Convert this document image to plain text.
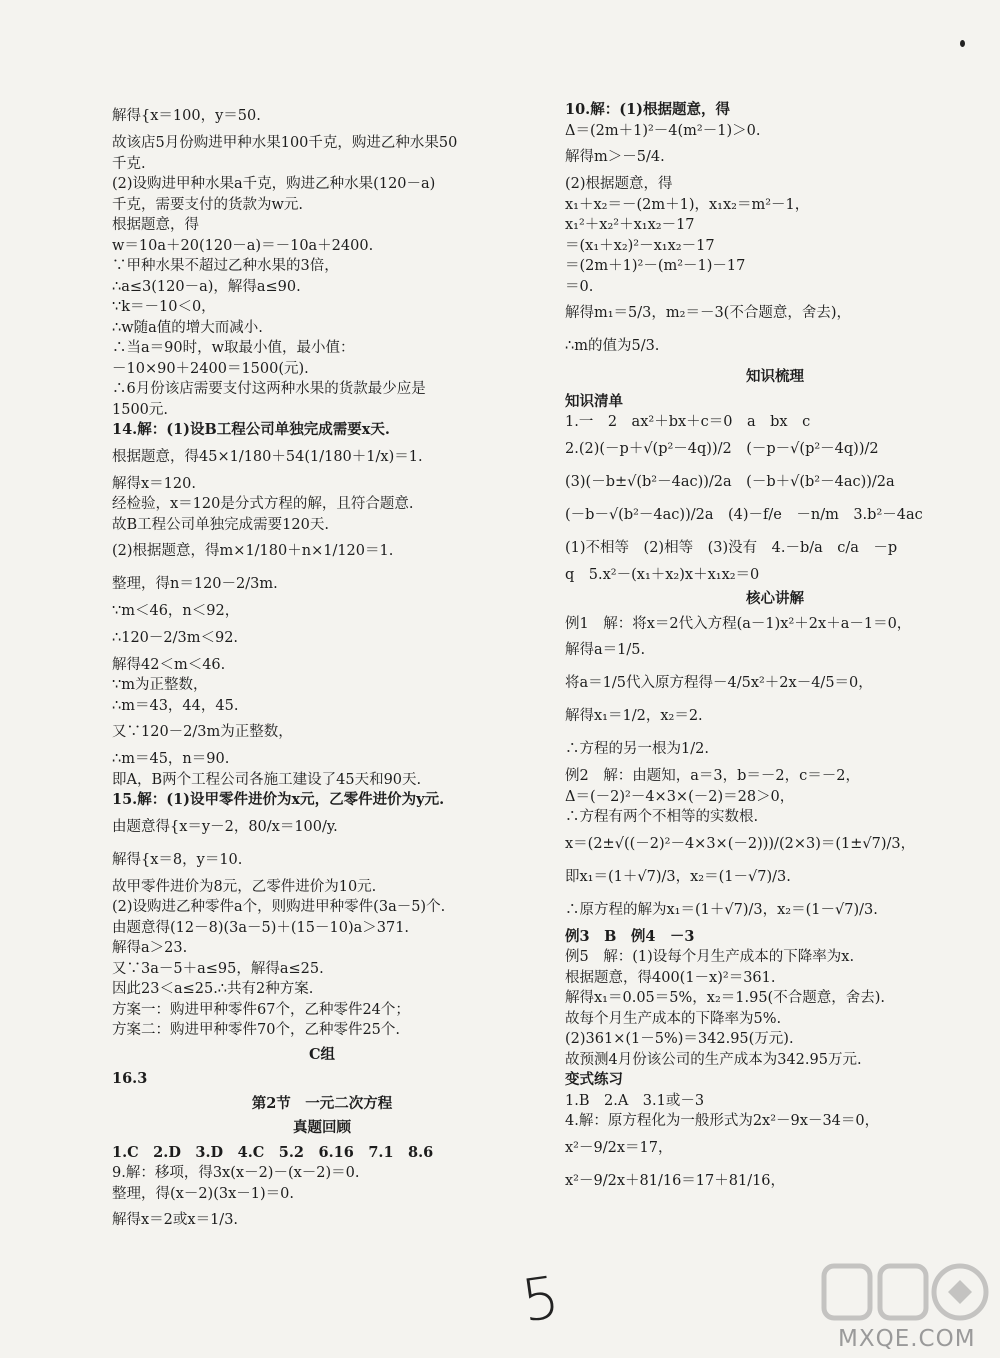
解得{x＝100，y＝50.
故该店5月份购进甲种水果100千克，购进乙种水果50
千克.
(2)设购进甲种水果a千克，购进乙种水果(120－a)
千克，需要支付的货款为w元.
根据题意，得
w＝10a＋20(120－a)＝－10a＋2400.
∵甲种水果不超过乙种水果的3倍，
∴a≤3(120－a)，解得a≤90.
∵k＝－10＜0，
∴w随a值的增大而减小.
∴当a＝90时，w取最小值，最小值：
－10×90＋2400＝1500(元).
∴6月份该店需要支付这两种水果的货款最少应是
1500元.
14.解：(1)设B工程公司单独完成需要x天.
根据题意，得45×1/180＋54(1/180＋1/x)＝1.
解得x＝120.
经检验，x＝120是分式方程的解，且符合题意.
故B工程公司单独完成需要120天.
(2)根据题意，得m×1/180＋n×1/120＝1.
整理，得n＝120－2/3m.
∵m＜46，n＜92，
∴120－2/3m＜92.
解得42＜m＜46.
∵m为正整数，
∴m＝43，44，45.
又∵120－2/3m为正整数，
∴m＝45，n＝90.
即A，B两个工程公司各施工建设了45天和90天.
15.解：(1)设甲零件进价为x元，乙零件进价为y元.
由题意得{x＝y－2，80/x＝100/y.
解得{x＝8，y＝10.
故甲零件进价为8元，乙零件进价为10元.
(2)设购进乙种零件a个，则购进甲种零件(3a－5)个.
由题意得(12－8)(3a－5)＋(15－10)a＞371.
解得a＞23.
又∵3a－5＋a≤95，解得a≤25.
因此23＜a≤25.∴共有2种方案.
方案一：购进甲种零件67个，乙种零件24个；
方案二：购进甲种零件70个，乙种零件25个.
C组
16.3
第2节　一元二次方程
真题回顾
1.C　2.D　3.D　4.C　5.2　6.16　7.1　8.6
9.解：移项，得3x(x－2)－(x－2)＝0.
整理，得(x－2)(3x－1)＝0.
解得x＝2或x＝1/3.
10.解：(1)根据题意，得
Δ＝(2m＋1)²－4(m²－1)＞0.
解得m＞－5/4.
(2)根据题意，得
x₁＋x₂＝－(2m＋1)，x₁x₂＝m²－1，
x₁²＋x₂²＋x₁x₂－17
＝(x₁＋x₂)²－x₁x₂－17
＝(2m＋1)²－(m²－1)－17
＝0.
解得m₁＝5/3，m₂＝－3(不合题意，舍去)，
∴m的值为5/3.
知识梳理
知识清单
1.一　2　ax²＋bx＋c＝0　a　bx　c
2.(2)(－p＋√(p²－4q))/2　(－p－√(p²－4q))/2
(3)(－b±√(b²－4ac))/2a　(－b＋√(b²－4ac))/2a
(－b－√(b²－4ac))/2a　(4)－f/e　－n/m　3.b²－4ac
(1)不相等　(2)相等　(3)没有　4.－b/a　c/a　－p
q　5.x²－(x₁＋x₂)x＋x₁x₂＝0
核心讲解
例1　解：将x＝2代入方程(a－1)x²＋2x＋a－1＝0，
解得a＝1/5.
将a＝1/5代入原方程得－4/5x²＋2x－4/5＝0，
解得x₁＝1/2，x₂＝2.
∴方程的另一根为1/2.
例2　解：由题知，a＝3，b＝－2，c＝－2，
Δ＝(－2)²－4×3×(－2)＝28＞0，
∴方程有两个不相等的实数根.
x＝(2±√((－2)²－4×3×(－2)))/(2×3)＝(1±√7)/3，
即x₁＝(1＋√7)/3，x₂＝(1－√7)/3.
∴原方程的解为x₁＝(1＋√7)/3，x₂＝(1－√7)/3.
例3　B　例4　－3
例5　解：(1)设每个月生产成本的下降率为x.
根据题意，得400(1－x)²＝361.
解得x₁＝0.05＝5%，x₂＝1.95(不合题意，舍去).
故每个月生产成本的下降率为5%.
(2)361×(1－5%)＝342.95(万元).
故预测4月份该公司的生产成本为342.95万元.
变式练习
1.B　2.A　3.1或－3
4.解：原方程化为一般形式为2x²－9x－34＝0，
x²－9/2x＝17，
x²－9/2x＋81/16＝17＋81/16，
5
MXQE.COM
